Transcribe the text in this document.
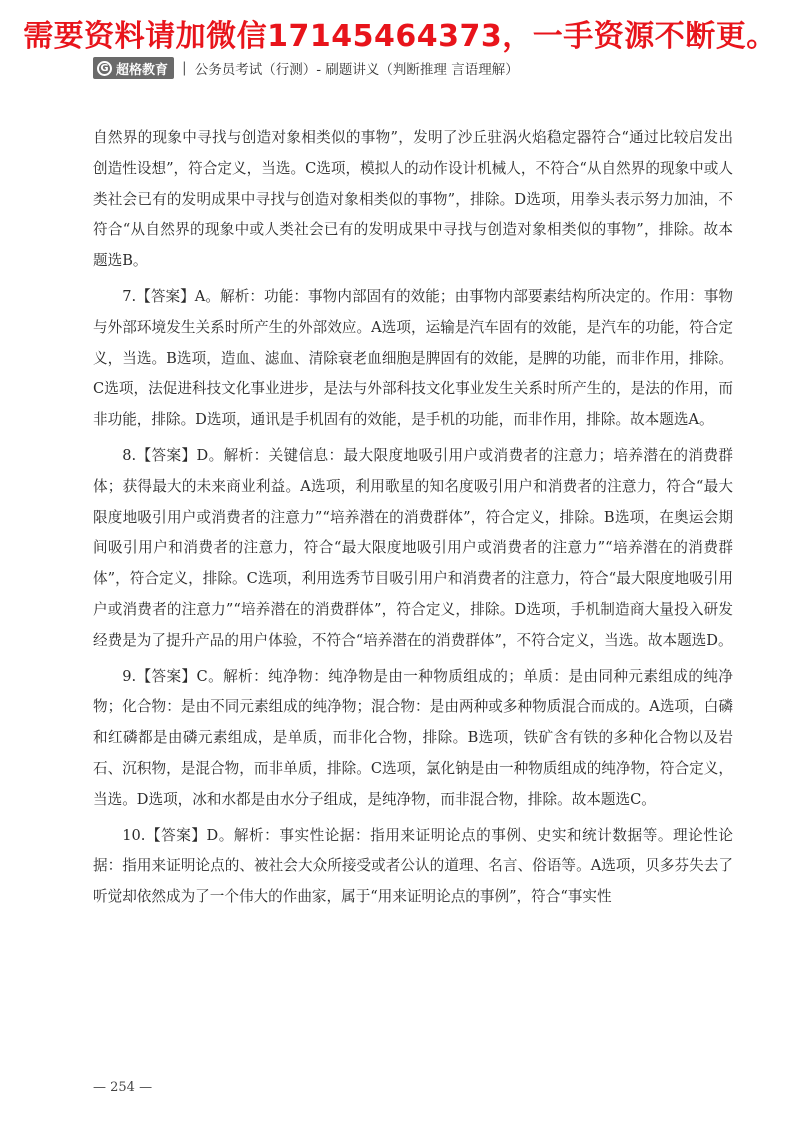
需要资料请加微信17145464373，一手资源不断更。
G 超格教育 | 公务员考试（行测）- 刷题讲义（判断推理 言语理解）

自然界的现象中寻找与创造对象相类似的事物”，发明了沙丘驻涡火焰稳定器符合“通过比较启发出创造性设想”，符合定义，当选。C选项，模拟人的动作设计机械人，不符合“从自然界的现象中或人类社会已有的发明成果中寻找与创造对象相类似的事物”，排除。D选项，用拳头表示努力加油，不符合“从自然界的现象中或人类社会已有的发明成果中寻找与创造对象相类似的事物”，排除。故本题选B。

7.【答案】A。解析：功能：事物内部固有的效能；由事物内部要素结构所决定的。作用：事物与外部环境发生关系时所产生的外部效应。A选项，运输是汽车固有的效能，是汽车的功能，符合定义，当选。B选项，造血、滤血、清除衰老血细胞是脾固有的效能，是脾的功能，而非作用，排除。C选项，法促进科技文化事业进步，是法与外部科技文化事业发生关系时所产生的，是法的作用，而非功能，排除。D选项，通讯是手机固有的效能，是手机的功能，而非作用，排除。故本题选A。

8.【答案】D。解析：关键信息：最大限度地吸引用户或消费者的注意力；培养潜在的消费群体；获得最大的未来商业利益。A选项，利用歌星的知名度吸引用户和消费者的注意力，符合“最大限度地吸引用户或消费者的注意力”“培养潜在的消费群体”，符合定义，排除。B选项，在奥运会期间吸引用户和消费者的注意力，符合“最大限度地吸引用户或消费者的注意力”“培养潜在的消费群体”，符合定义，排除。C选项，利用选秀节目吸引用户和消费者的注意力，符合“最大限度地吸引用户或消费者的注意力”“培养潜在的消费群体”，符合定义，排除。D选项，手机制造商大量投入研发经费是为了提升产品的用户体验，不符合“培养潜在的消费群体”，不符合定义，当选。故本题选D。

9.【答案】C。解析：纯净物：纯净物是由一种物质组成的；单质：是由同种元素组成的纯净物；化合物：是由不同元素组成的纯净物；混合物：是由两种或多种物质混合而成的。A选项，白磷和红磷都是由磷元素组成，是单质，而非化合物，排除。B选项，铁矿含有铁的多种化合物以及岩石、沉积物，是混合物，而非单质，排除。C选项，氯化钠是由一种物质组成的纯净物，符合定义，当选。D选项，冰和水都是由水分子组成，是纯净物，而非混合物，排除。故本题选C。

10.【答案】D。解析：事实性论据：指用来证明论点的事例、史实和统计数据等。理论性论据：指用来证明论点的、被社会大众所接受或者公认的道理、名言、俗语等。A选项，贝多芬失去了听觉却依然成为了一个伟大的作曲家，属于“用来证明论点的事例”，符合“事实性

— 254 —
